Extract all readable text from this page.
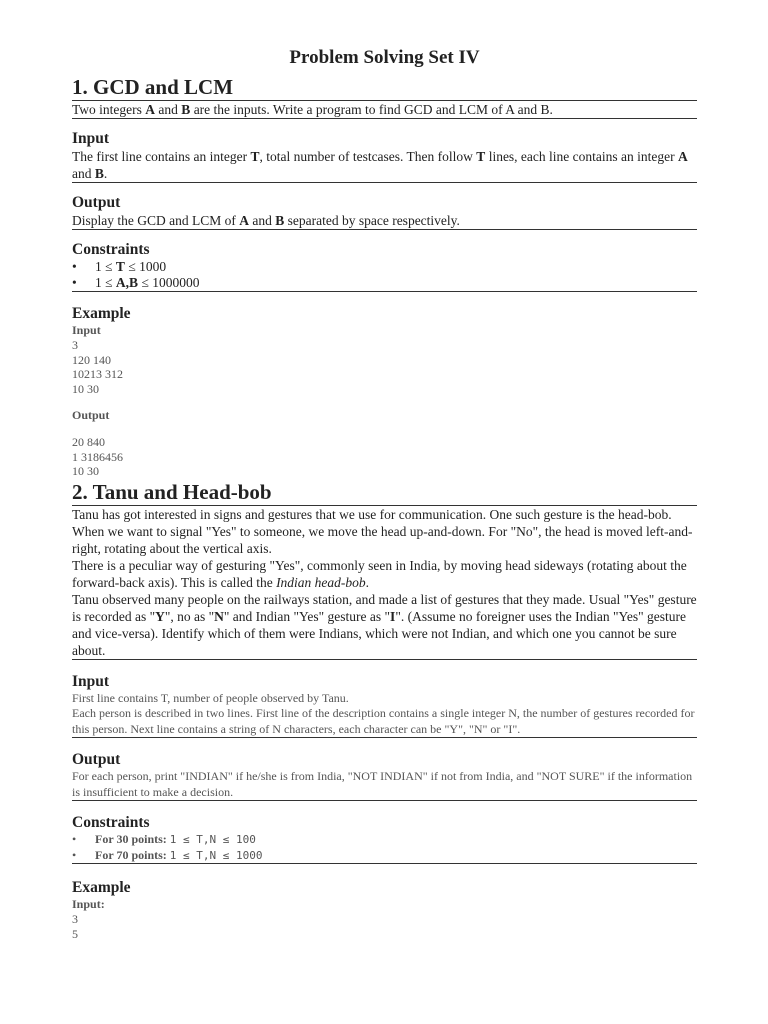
Problem Solving Set IV
1. GCD and LCM

Two integers A and B are the inputs. Write a program to find GCD and LCM of A and B.

Input

The first line contains an integer T, total number of testcases. Then follow T lines, each line contains an integer A and B.

Output

Display the GCD and LCM of A and B separated by space respectively.

Constraints
• 1 ≤ T ≤ 1000
• 1 ≤ A,B ≤ 1000000
Example
Input
3
120 140
10213 312
10 30
Output
20 840
1 3186456
10 30
2. Tanu and Head-bob

Tanu has got interested in signs and gestures that we use for communication. One such gesture is the head-bob.

When we want to signal "Yes" to someone, we move the head up-and-down. For "No", the head is moved left-and-right, rotating about the vertical axis.

There is a peculiar way of gesturing "Yes", commonly seen in India, by moving head sideways (rotating about the forward-back axis). This is called the Indian head-bob.

Tanu observed many people on the railways station, and made a list of gestures that they made. Usual "Yes" gesture is recorded as "Y", no as "N" and Indian "Yes" gesture as "I". (Assume no foreigner uses the Indian "Yes" gesture and vice-versa). Identify which of them were Indians, which were not Indian, and which one you cannot be sure about.

Input

First line contains T, number of people observed by Tanu.

Each person is described in two lines. First line of the description contains a single integer N, the number of gestures recorded for this person. Next line contains a string of N characters, each character can be "Y", "N" or "I".

Output

For each person, print "INDIAN" if he/she is from India, "NOT INDIAN" if not from India, and "NOT SURE" if the information is insufficient to make a decision.

Constraints
• For 30 points: 1 ≤ T,N ≤ 100
• For 70 points: 1 ≤ T,N ≤ 1000
Example
Input:
3
5
